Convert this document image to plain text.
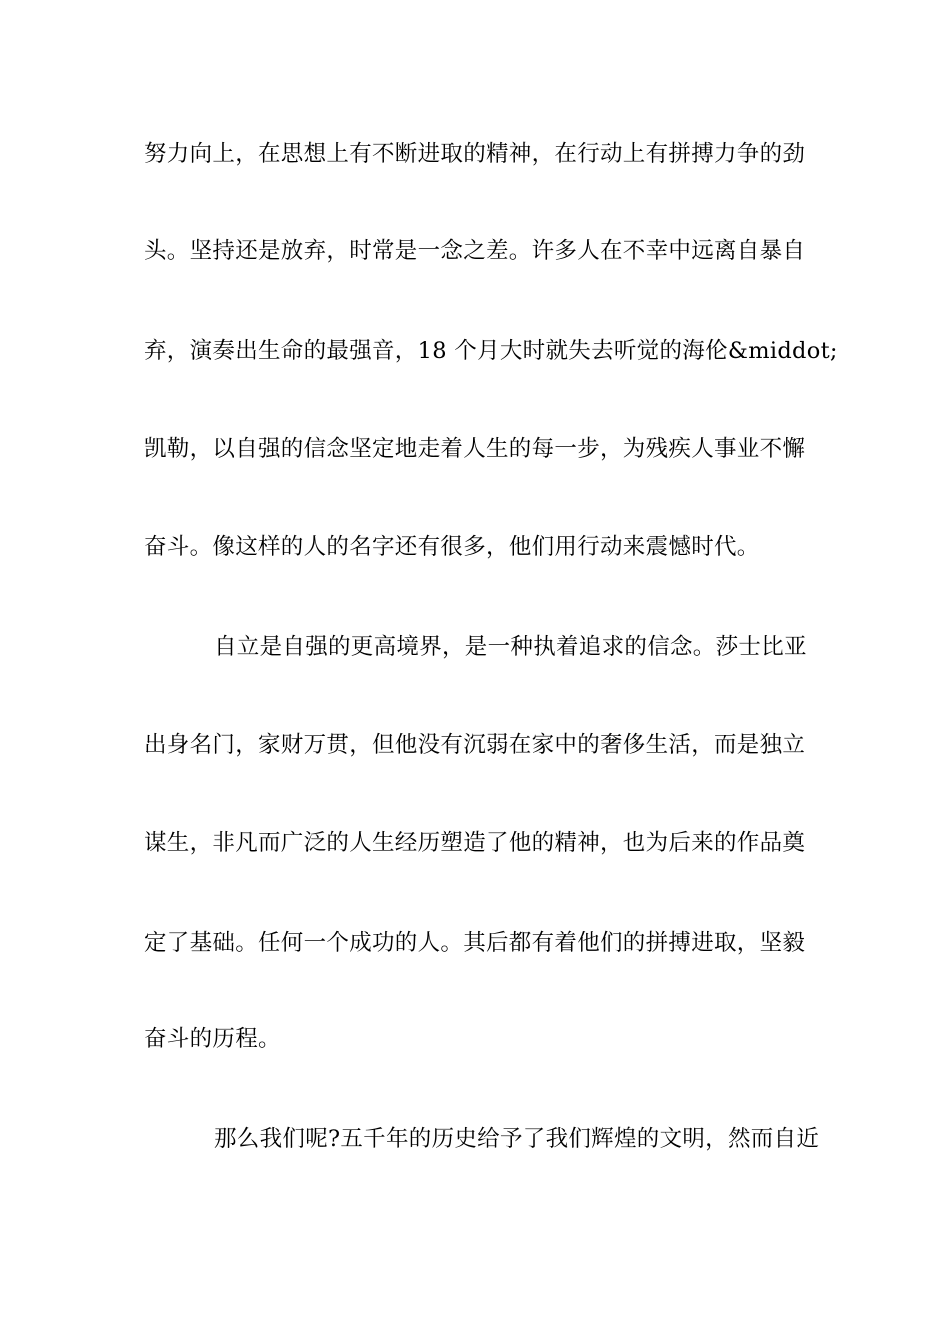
努力向上，在思想上有不断进取的精神，在行动上有拼搏力争的劲
头。坚持还是放弃，时常是一念之差。许多人在不幸中远离自暴自
弃，演奏出生命的最强音，18 个月大时就失去听觉的海伦&middot;
凯勒，以自强的信念坚定地走着人生的每一步，为残疾人事业不懈
奋斗。像这样的人的名字还有很多，他们用行动来震憾时代。
自立是自强的更高境界，是一种执着追求的信念。莎士比亚
出身名门，家财万贯，但他没有沉弱在家中的奢侈生活，而是独立
谋生，非凡而广泛的人生经历塑造了他的精神，也为后来的作品奠
定了基础。任何一个成功的人。其后都有着他们的拼搏进取，坚毅
奋斗的历程。
那么我们呢?五千年的历史给予了我们辉煌的文明，然而自近
